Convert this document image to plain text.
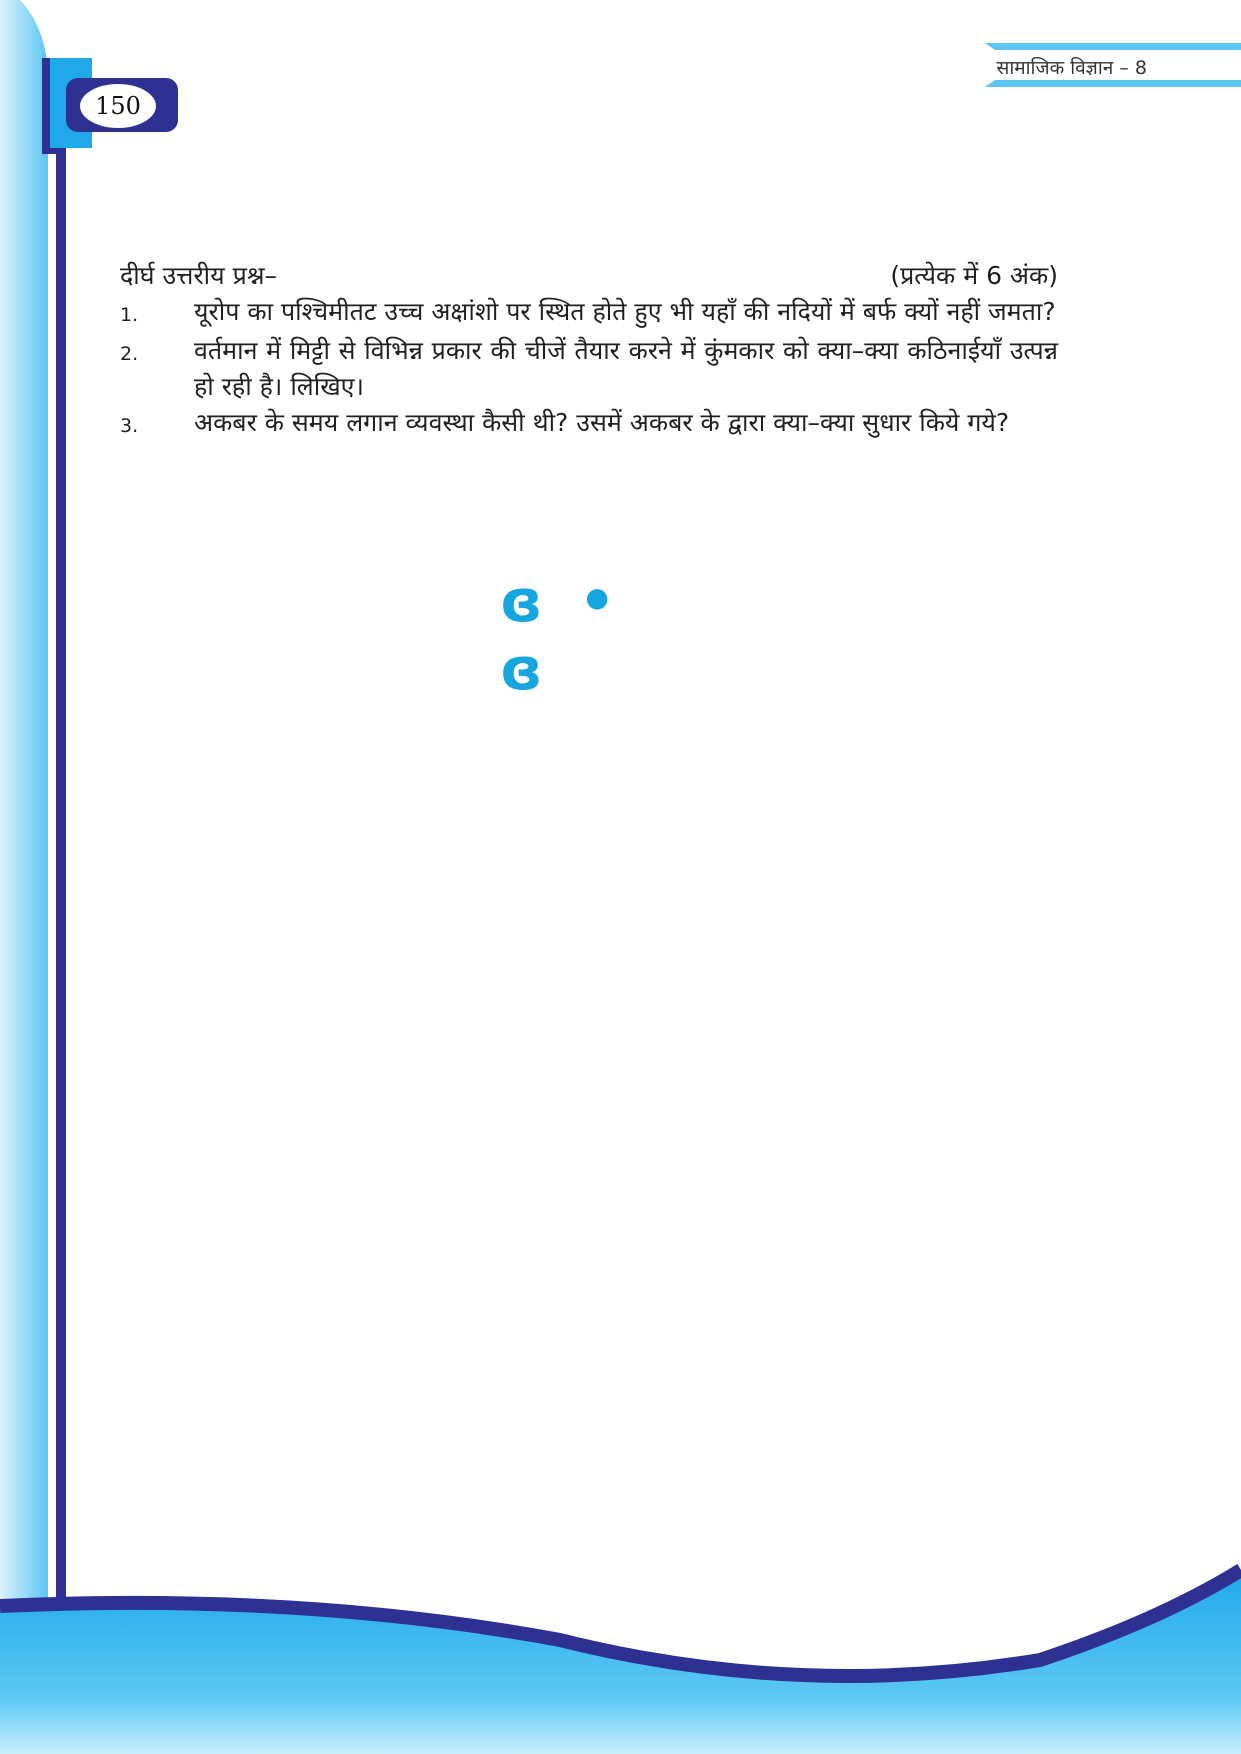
150
सामाजिक विज्ञान – 8
दीर्घ उत्तरीय प्रश्न–	(प्रत्येक में 6 अंक)
1.	यूरोप का पश्चिमीतट उच्च अक्षांशो पर स्थित होते हुए भी यहाँ की नदियों में बर्फ क्यों नहीं जमता?
2.	वर्तमान में मिट्टी से विभिन्न प्रकार की चीजें तैयार करने में कुंमकार को क्या–क्या कठिनाईयाँ उत्पन्न हो रही है। लिखिए।
3.	अकबर के समय लगान व्यवस्था कैसी थी? उसमें अकबर के द्वारा क्या–क्या सुधार किये गये?
ɞ • ɞ
